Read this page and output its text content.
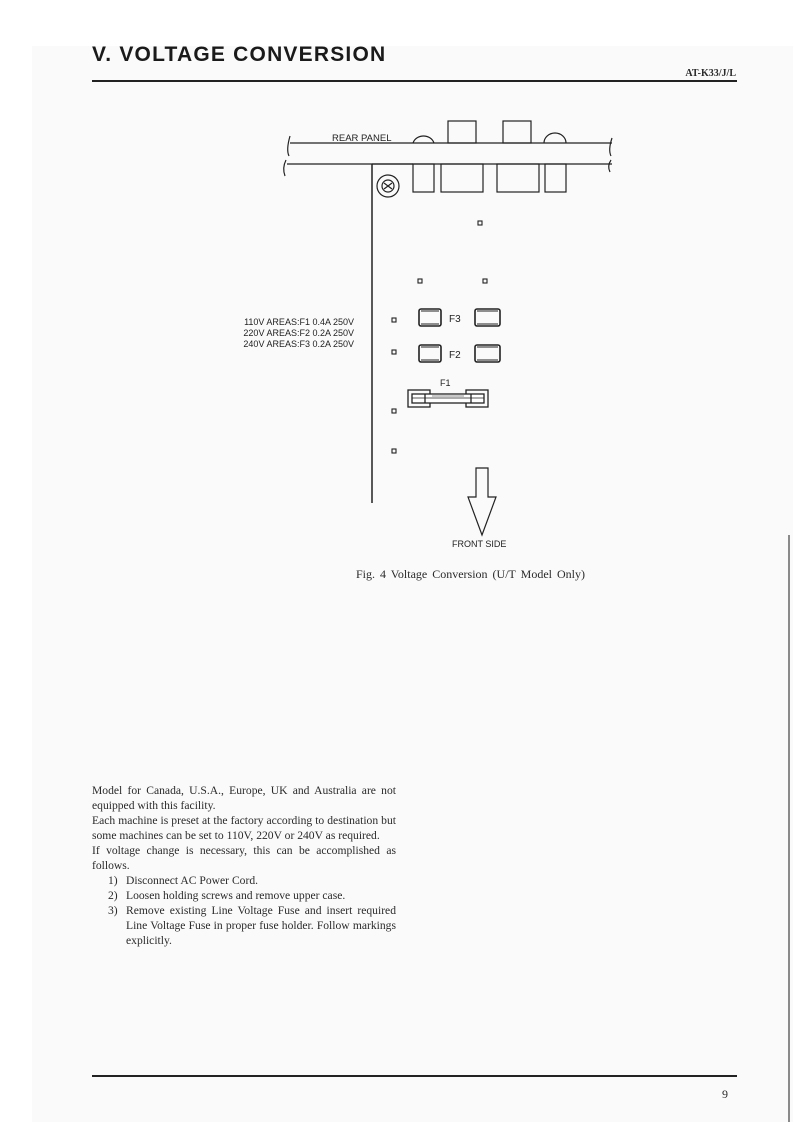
V. VOLTAGE CONVERSION
AT-K33/J/L
F3
F2
F1
REAR PANEL
FRONT SIDE
110V AREAS:F1 0.4A 250V
220V AREAS:F2 0.2A 250V
240V AREAS:F3 0.2A 250V
Fig. 4 Voltage Conversion (U/T Model Only)

Model for Canada, U.S.A., Europe, UK and Australia are not equipped with this facility.

Each machine is preset at the factory according to destination but some machines can be set to 110V, 220V or 240V as required.

If voltage change is necessary, this can be accomplished as follows.

1) Disconnect AC Power Cord.
2) Loosen holding screws and remove upper case.
3) Remove existing Line Voltage Fuse and insert required Line Voltage Fuse in proper fuse holder. Follow markings explicitly.
9
